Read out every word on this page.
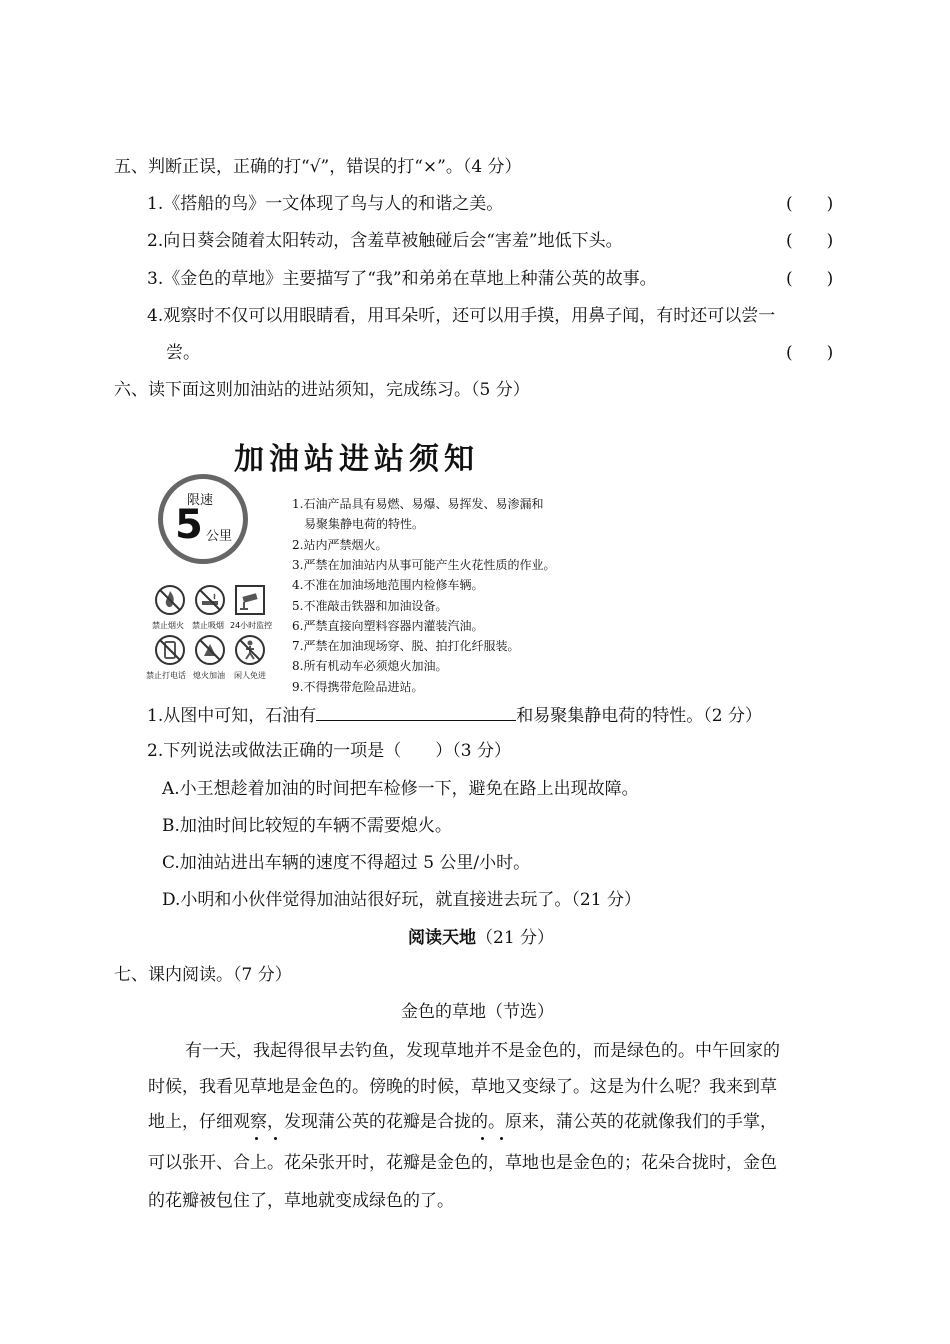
五、判断正误，正确的打“√”，错误的打“×”。（4 分）
1.《搭船的鸟》一文体现了鸟与人的和谐之美。	(　　)
2.向日葵会随着太阳转动，含羞草被触碰后会“害羞”地低下头。	(　　)
3.《金色的草地》主要描写了“我”和弟弟在草地上种蒲公英的故事。	(　　)
4.观察时不仅可以用眼睛看，用耳朵听，还可以用手摸，用鼻子闻，有时还可以尝一
尝。	(　　)
六、读下面这则加油站的进站须知，完成练习。（5 分）
加油站进站须知
限速
5 公里
1.石油产品具有易燃、易爆、易挥发、易渗漏和
易聚集静电荷的特性。
2.站内严禁烟火。
3.严禁在加油站内从事可能产生火花性质的作业。
4.不准在加油场地范围内检修车辆。
5.不准敲击铁器和加油设备。
6.严禁直接向塑料容器内灌装汽油。
7.严禁在加油现场穿、脱、拍打化纤服装。
8.所有机动车必须熄火加油。
9.不得携带危险品进站。
禁止烟火 禁止吸烟 24小时监控
禁止打电话 熄火加油 闲人免进
1.从图中可知，石油有	和易聚集静电荷的特性。（2 分）
2.下列说法或做法正确的一项是（　　）（3 分）
A.小王想趁着加油的时间把车检修一下，避免在路上出现故障。
B.加油时间比较短的车辆不需要熄火。
C.加油站进出车辆的速度不得超过 5 公里/小时。
D.小明和小伙伴觉得加油站很好玩，就直接进去玩了。（21 分）
阅读天地（21 分）
七、课内阅读。（7 分）
金色的草地（节选）
有一天，我起得很早去钓鱼，发现草地并不是金色的，而是绿色的。中午回家的
时候，我看见草地是金色的。傍晚的时候，草地又变绿了。这是为什么呢？我来到草
地上，仔细观察，发现蒲公英的花瓣是合拢的。原来，蒲公英的花就像我们的手掌，
可以张开、合上。花朵张开时，花瓣是金色的，草地也是金色的；花朵合拢时，金色
的花瓣被包住了，草地就变成绿色的了。
